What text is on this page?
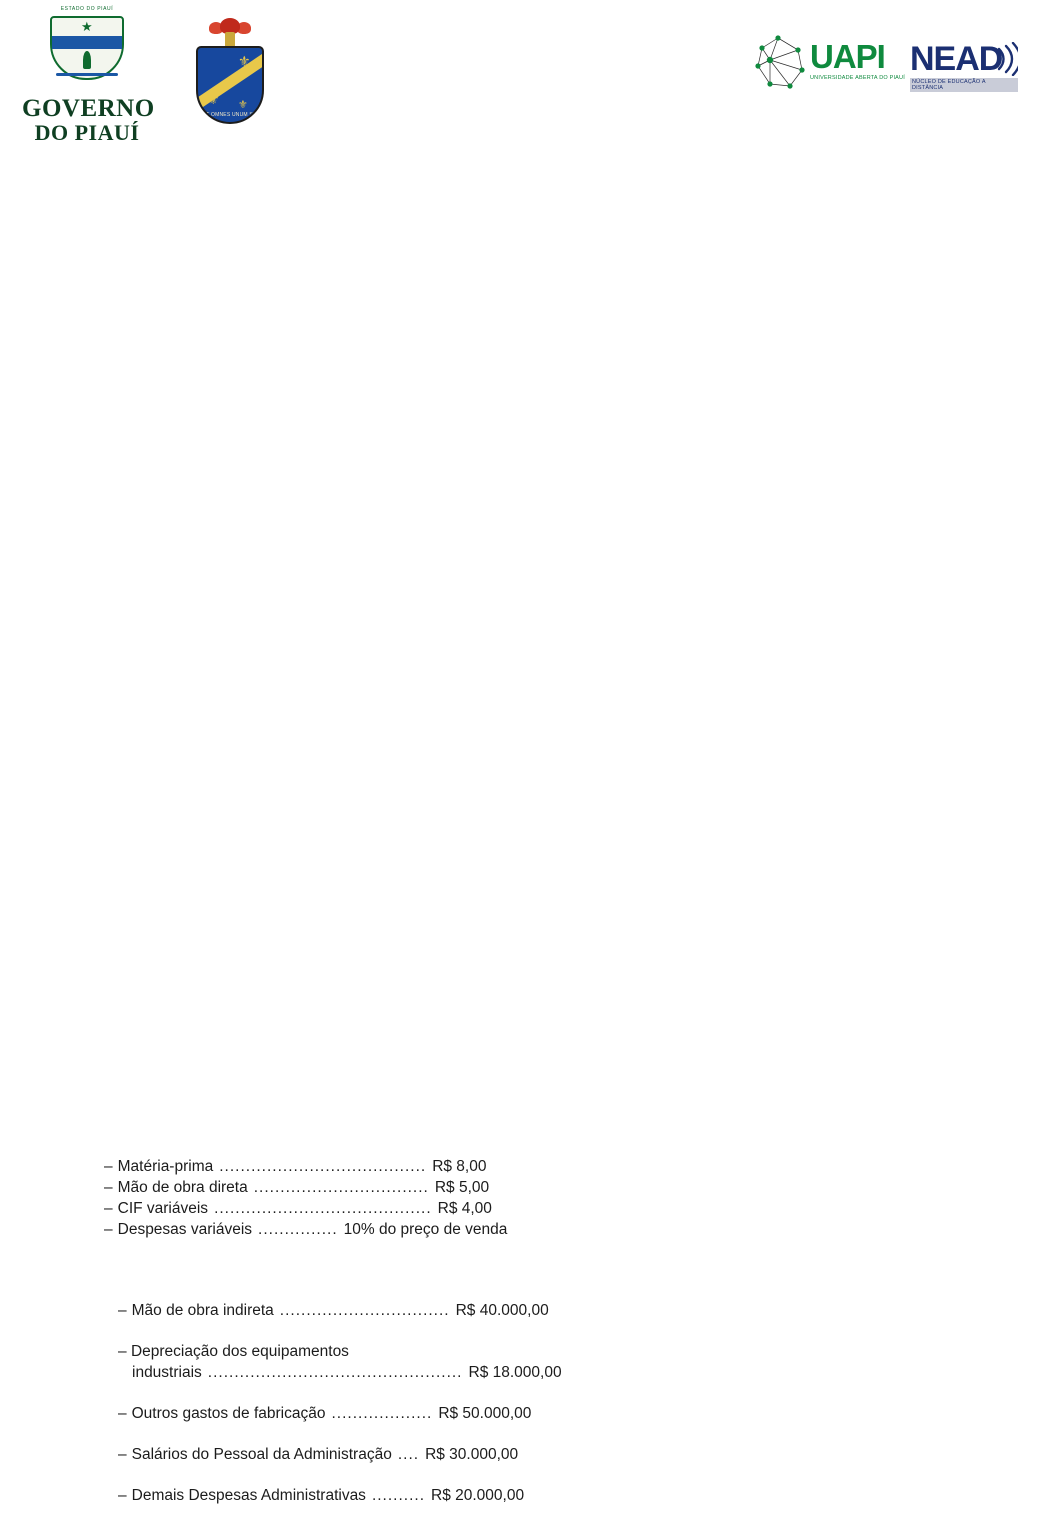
ESTADO DO PIAUÍ
★
GOVERNO
DO PIAUÍ
⚜
⚜ ⚜
UT OMNES UNUM SINT
UAPI
UNIVERSIDADE ABERTA DO PIAUÍ NEAD
NÚCLEO DE EDUCAÇÃO A DISTÂNCIA
– Matéria-prima ....................................... R$ 8,00
– Mão de obra direta ................................. R$ 5,00
– CIF variáveis ......................................... R$ 4,00
– Despesas variáveis ............... 10% do preço de venda
– Mão de obra indireta ................................ R$ 40.000,00
– Depreciação dos equipamentos
industriais ................................................ R$ 18.000,00
– Outros gastos de fabricação ................... R$ 50.000,00
– Salários do Pessoal da Administração .... R$ 30.000,00
– Demais Despesas Administrativas .......... R$ 20.000,00
